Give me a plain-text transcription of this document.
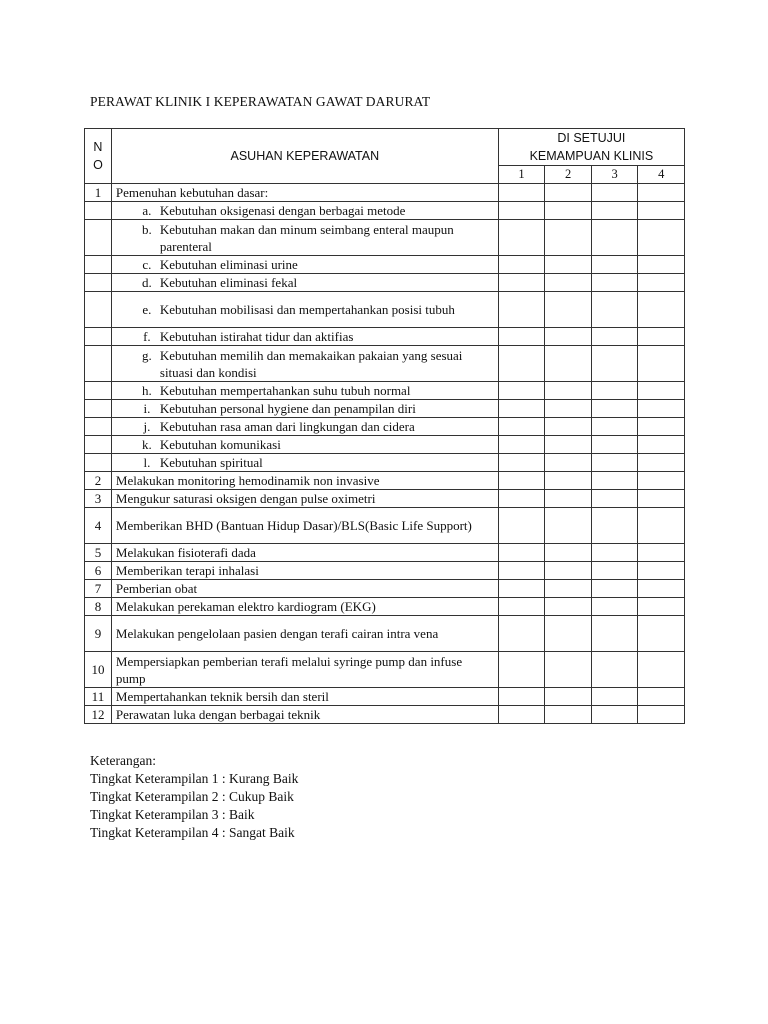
PERAWAT KLINIK I KEPERAWATAN GAWAT DARURAT
N
O	ASUHAN KEPERAWATAN	DI SETUJUI
KEMAMPUAN KLINIS			
		1	2	3	4
1	Pemenuhan kebutuhan dasar:				

	a. Kebutuhan oksigenasi dengan berbagai metode				

	b. Kebutuhan makan dan minum seimbang enteral maupun parenteral				

	c. Kebutuhan eliminasi urine				

	d. Kebutuhan eliminasi fekal				

	e. Kebutuhan mobilisasi dan mempertahankan posisi tubuh				

	f. Kebutuhan istirahat tidur dan aktifias				

	g. Kebutuhan memilih dan memakaikan pakaian yang sesuai situasi dan kondisi				

	h. Kebutuhan mempertahankan suhu tubuh normal				

	i. Kebutuhan personal hygiene dan penampilan diri				

	j. Kebutuhan rasa aman dari lingkungan dan cidera				

	k. Kebutuhan komunikasi				

	l. Kebutuhan spiritual				

2	Melakukan monitoring hemodinamik non invasive				
3	Mengukur saturasi oksigen dengan pulse oximetri				
4	Memberikan BHD (Bantuan Hidup Dasar)/BLS(Basic Life Support)				
5	Melakukan fisioterafi dada				
6	Memberikan terapi inhalasi				
7	Pemberian obat				
8	Melakukan perekaman elektro kardiogram (EKG)				
9	Melakukan pengelolaan pasien dengan terafi cairan intra vena				
10	Mempersiapkan pemberian terafi melalui syringe pump dan infuse pump				
11	Mempertahankan teknik bersih dan steril				
12	Perawatan luka dengan berbagai teknik				
Keterangan:
Tingkat Keterampilan 1 : Kurang Baik
Tingkat Keterampilan 2 : Cukup Baik
Tingkat Keterampilan 3 : Baik
Tingkat Keterampilan 4 : Sangat Baik
